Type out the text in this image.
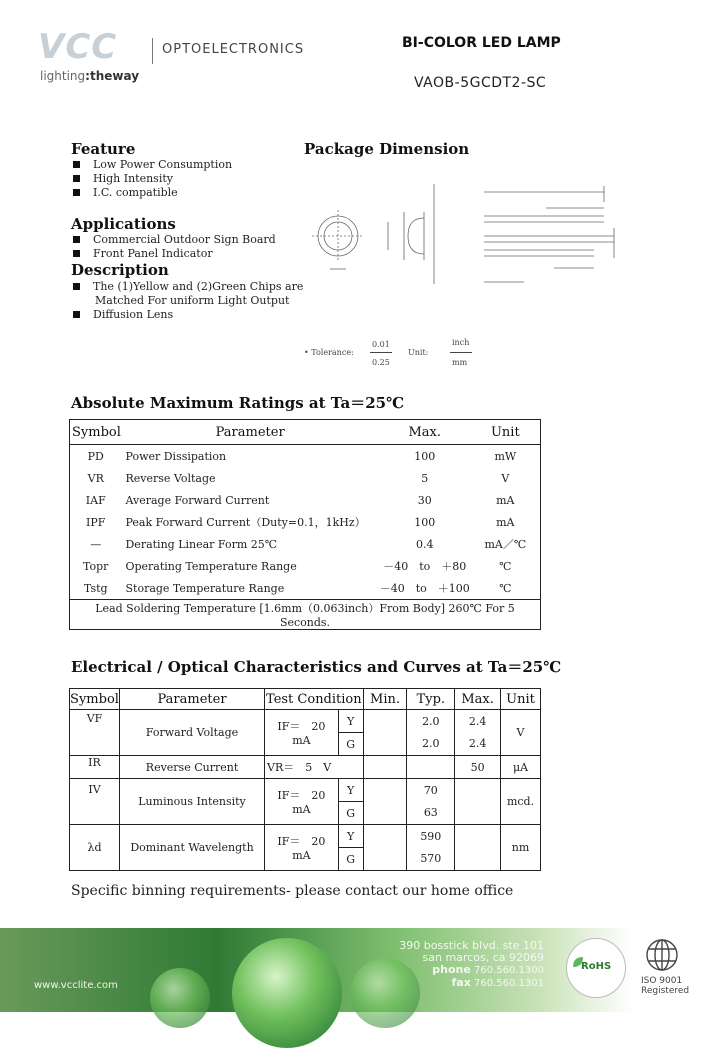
VCC	OPTOELECTRONICS
lighting:theway
BI-COLOR LED LAMP
VAOB-5GCDT2-SC
Feature
Low Power Consumption
High Intensity
I.C. compatible
Applications
Commercial Outdoor Sign Board
Front Panel Indicator
Description
The (1)Yellow and (2)Green Chips are
Matched For uniform Light Output
Diffusion Lens
Package Dimension
• Tolerance:
0.01
0.25
Unit:
inch
mm
Absolute Maximum Ratings at Ta＝25℃
Symbol	Parameter	Max.	Unit
PD	Power Dissipation	100	mW
VR	Reverse Voltage	5	V
IAF	Average Forward Current	30	mA
IPF	Peak Forward Current（Duty=0.1，1kHz）	100	mA
—	Derating Linear Form 25℃	0.4	mA／℃
Topr	Operating Temperature Range	－40　to　＋80	℃
Tstg	Storage Temperature Range	－40　to　＋100	℃
Lead Soldering Temperature [1.6mm（0.063inch）From Body] 260℃ For 5 Seconds.			
Electrical / Optical Characteristics and Curves at Ta＝25℃
Symbol	Parameter	Test Condition		Min.	Typ.	Max.	Unit
VF	Forward Voltage	IF＝　20　mA	Y		2.0	2.4	V
			G		2.0	2.4	
IR	Reverse Current	VR＝　5　V				50	μA
IV	Luminous Intensity	IF＝　20　mA	Y		70		mcd.
			G		63		
λd	Dominant Wavelength	IF＝　20　mA	Y		590		nm
			G		570		
Specific binning requirements- please contact our home office
390 bosstick blvd. ste 101
san marcos, ca 92069
phone 760.560.1300
fax 760.560.1301
www.vcclite.com
RoHS
ISO 9001
Registered
